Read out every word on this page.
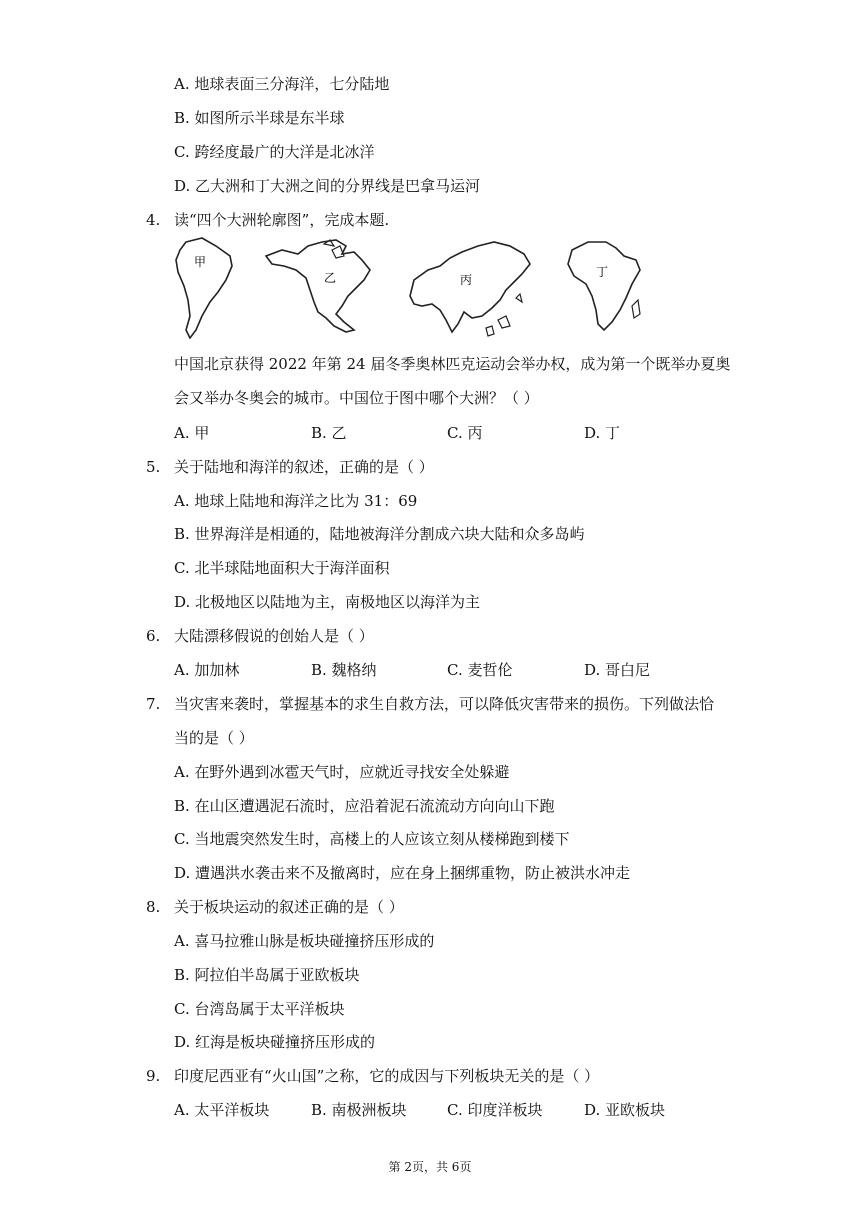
A. 地球表面三分海洋，七分陆地
B. 如图所示半球是东半球
C. 跨经度最广的大洋是北冰洋
D. 乙大洲和丁大洲之间的分界线是巴拿马运河
4. 读“四个大洲轮廓图”，完成本题.
甲
乙	丙
丁
中国北京获得 2022 年第 24 届冬季奥林匹克运动会举办权，成为第一个既举办夏奥
会又举办冬奥会的城市。中国位于图中哪个大洲？（ ）
A. 甲	B. 乙	C. 丙	D. 丁
5. 关于陆地和海洋的叙述，正确的是（ ）
A. 地球上陆地和海洋之比为 31：69
B. 世界海洋是相通的，陆地被海洋分割成六块大陆和众多岛屿
C. 北半球陆地面积大于海洋面积
D. 北极地区以陆地为主，南极地区以海洋为主
6. 大陆漂移假说的创始人是（ ）
A. 加加林	B. 魏格纳	C. 麦哲伦	D. 哥白尼
7. 当灾害来袭时，掌握基本的求生自救方法，可以降低灾害带来的损伤。下列做法恰
当的是（ ）
A. 在野外遇到冰雹天气时，应就近寻找安全处躲避
B. 在山区遭遇泥石流时，应沿着泥石流流动方向向山下跑
C. 当地震突然发生时，高楼上的人应该立刻从楼梯跑到楼下
D. 遭遇洪水袭击来不及撤离时，应在身上捆绑重物，防止被洪水冲走
8. 关于板块运动的叙述正确的是（ ）
A. 喜马拉雅山脉是板块碰撞挤压形成的
B. 阿拉伯半岛属于亚欧板块
C. 台湾岛属于太平洋板块
D. 红海是板块碰撞挤压形成的
9. 印度尼西亚有“火山国”之称，它的成因与下列板块无关的是（ ）
A. 太平洋板块	B. 南极洲板块	C. 印度洋板块	D. 亚欧板块
第 2页，共 6页
